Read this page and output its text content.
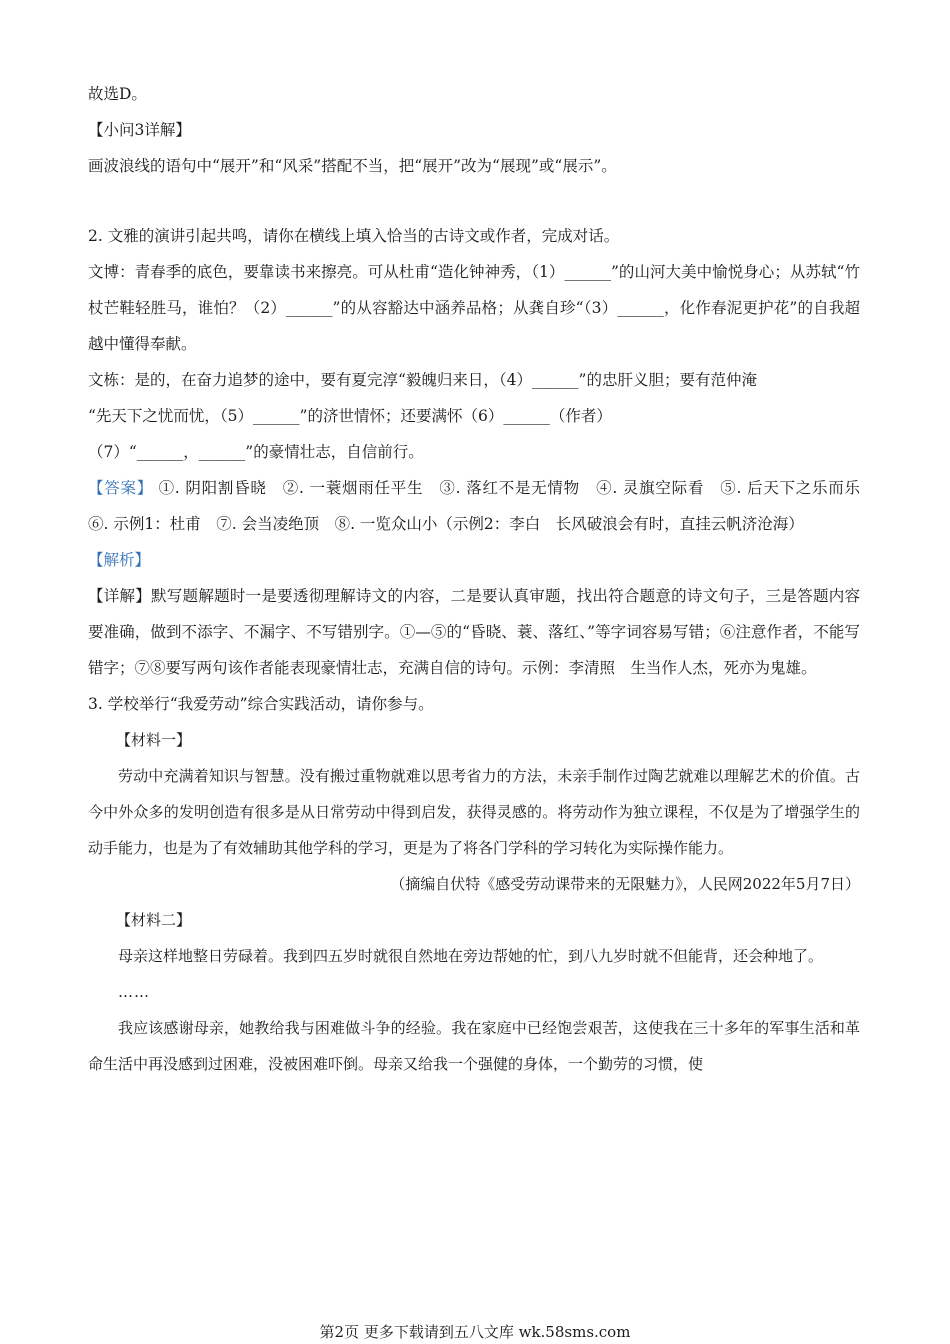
故选D。

【小问3详解】

画波浪线的语句中“展开”和“风采”搭配不当，把“展开”改为“展现”或“展示”。

2. 文雅的演讲引起共鸣，请你在横线上填入恰当的古诗文或作者，完成对话。

文博：青春季的底色，要靠读书来擦亮。可从杜甫“造化钟神秀，（1）______”的山河大美中愉悦身心；从苏轼“竹杖芒鞋轻胜马，谁怕？（2）______”的从容豁达中涵养品格；从龚自珍“（3）______，化作春泥更护花”的自我超越中懂得奉献。

文栋：是的，在奋力追梦的途中，要有夏完淳“毅魄归来日，（4）______”的忠肝义胆；要有范仲淹

“先天下之忧而忧，（5）______”的济世情怀；还要满怀（6）______（作者）

（7）“______，______”的豪情壮志，自信前行。

【答案】 ①. 阴阳割昏晓　②. 一蓑烟雨任平生　③. 落红不是无情物　④. 灵旗空际看　⑤. 后天下之乐而乐　⑥. 示例1：杜甫　⑦. 会当凌绝顶　⑧. 一览众山小（示例2：李白　长风破浪会有时，直挂云帆济沧海）

【解析】

【详解】默写题解题时一是要透彻理解诗文的内容，二是要认真审题，找出符合题意的诗文句子，三是答题内容要准确，做到不添字、不漏字、不写错别字。①—⑤的“昏晓、蓑、落红、”等字词容易写错；⑥注意作者，不能写错字；⑦⑧要写两句该作者能表现豪情壮志，充满自信的诗句。示例：李清照　生当作人杰，死亦为鬼雄。

3. 学校举行“我爱劳动”综合实践活动，请你参与。

【材料一】

劳动中充满着知识与智慧。没有搬过重物就难以思考省力的方法，未亲手制作过陶艺就难以理解艺术的价值。古今中外众多的发明创造有很多是从日常劳动中得到启发，获得灵感的。将劳动作为独立课程，不仅是为了增强学生的动手能力，也是为了有效辅助其他学科的学习，更是为了将各门学科的学习转化为实际操作能力。

（摘编自伏特《感受劳动课带来的无限魅力》，人民网2022年5月7日）

【材料二】

母亲这样地整日劳碌着。我到四五岁时就很自然地在旁边帮她的忙，到八九岁时就不但能背，还会种地了。

……

我应该感谢母亲，她教给我与困难做斗争的经验。我在家庭中已经饱尝艰苦，这使我在三十多年的军事生活和革命生活中再没感到过困难，没被困难吓倒。母亲又给我一个强健的身体，一个勤劳的习惯，使

第2页 更多下载请到五八文库 wk.58sms.com
